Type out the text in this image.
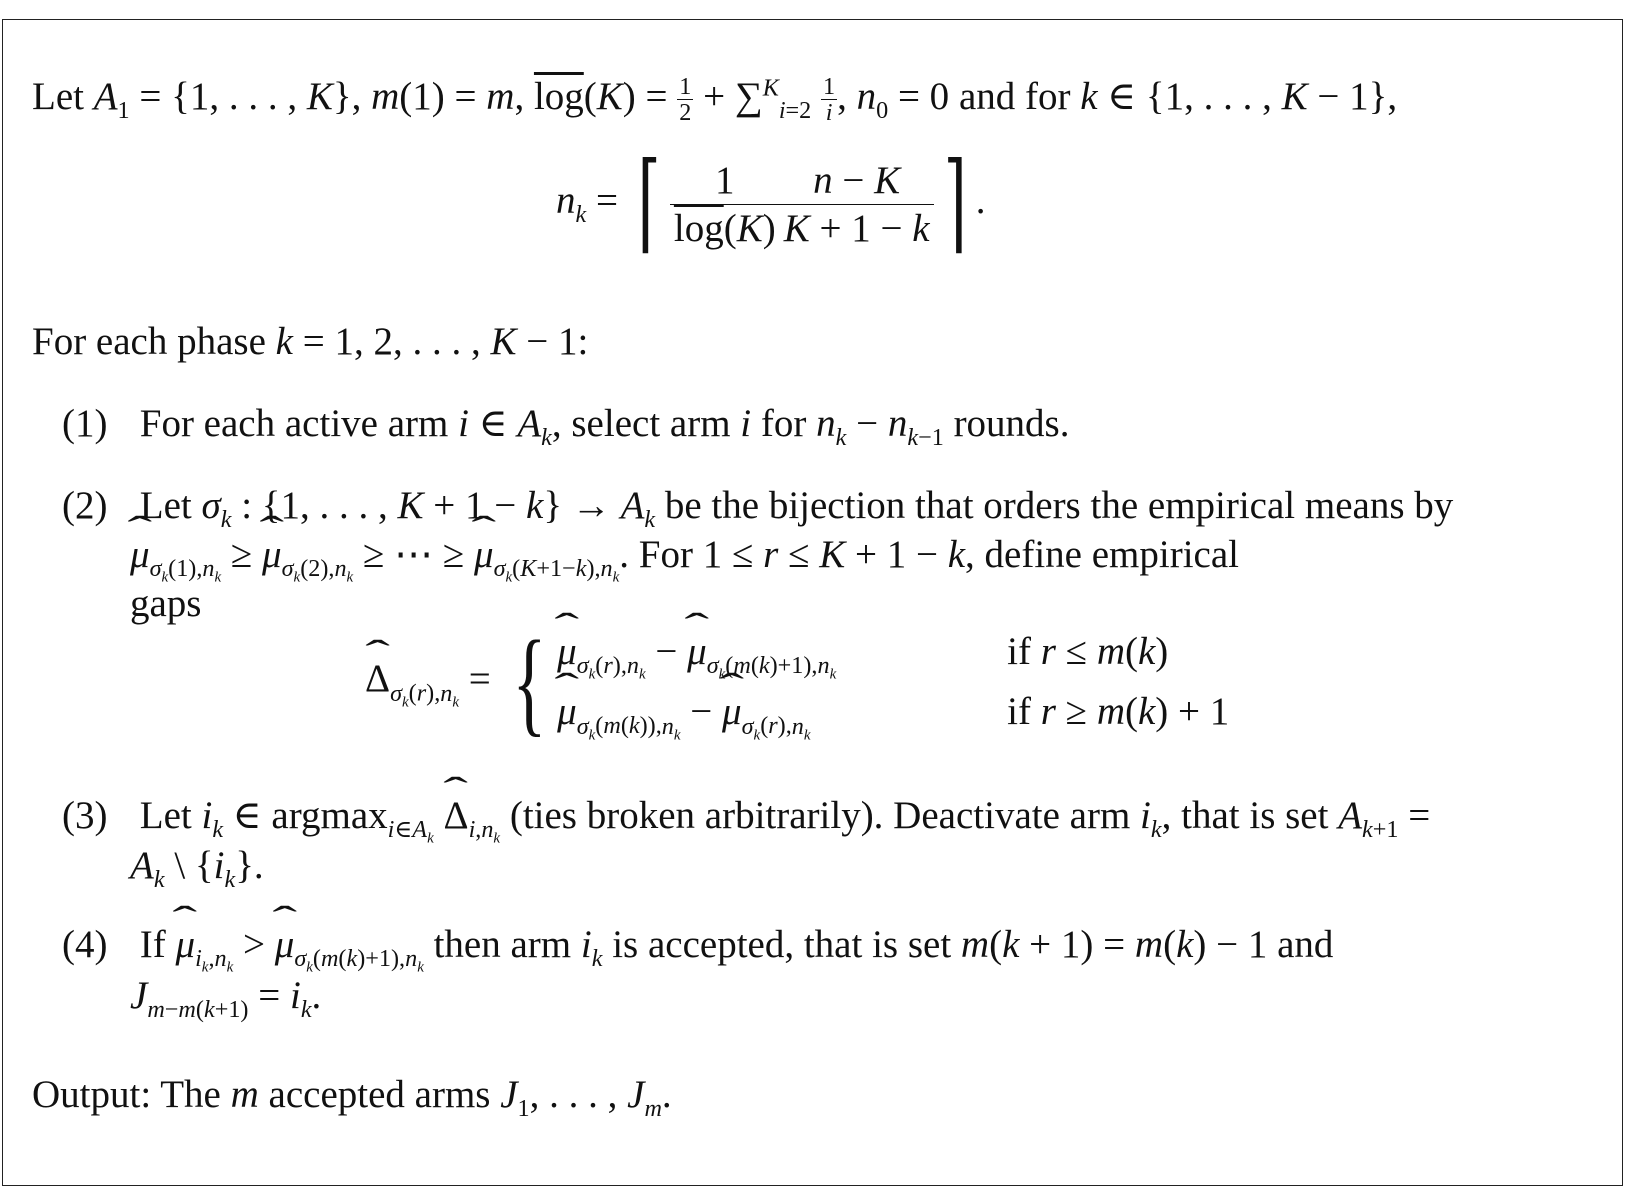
Let $A_1 = \{1$, . . . , K}, m(1) = m, $\overline{log}(K) = \frac{1}{2} + \sum^K_{i=2} \frac{1}{i}$ , $n_0 = 0$ and for k ∈ {1, . . . , K − 1},
$n_k$ = ⌈ $\frac{1}{\overline{log}(K)} \frac{n - K}{K + 1 - k}$ ⌉ .
For each phase k = 1, 2, . . . , K − 1:
(1) For each active arm i ∈ $A_k$, select arm i for $n_k - n_{k-1}$ rounds.
(2) Let $\sigma_k$ : {1, . . . , $K + 1 - k\} \to A_k$ be the bijection that orders the empirical means by
ˆ $\mu_{\sigma_k(1),n_k}$ ≥ ˆ $\mu_{\sigma_k(2),n_k}$ ≥ ⋯ ≥ ˆ $\mu_{\sigma_k(K+1-k),n_k}$. For 1 ≤ r ≤ K + 1 − k, define empirical
gaps
ˆ $\Delta_{\sigma_k(r),n_k}$ = { ˆ $\mu_{\sigma_k(r),n_k}$ − ˆ $\mu_{\sigma_k(m(k)+1),n_k}if$ r ≤ m(k)
ˆ $\mu_{\sigma_k(m(k)),n_k}$ − ˆ $\mu_{\sigma_k(r),n_k}if$ r ≥ m(k) + 1
(3) Let $i_k$ ∈ argmax$_{i\in A_k}$ ˆ $\Delta_{i,n_k}$ (ties broken arbitrarily). Deactivate arm $i_k$, that is set $A_{k+1}$ =
$A_k$ \ $\{i_k\}$.
(4) If ˆ $\mu_{i_k,n_k}$ > ˆ $\mu_{\sigma_k(m(k)+1),n_k}$ then arm $i_k$ is accepted, that is set m(k + 1) = m(k) − 1 and
$J_{m-m(k+1)} = i_k$.
Output: The m accepted arms $J_1$, . . . , $J_m$.
